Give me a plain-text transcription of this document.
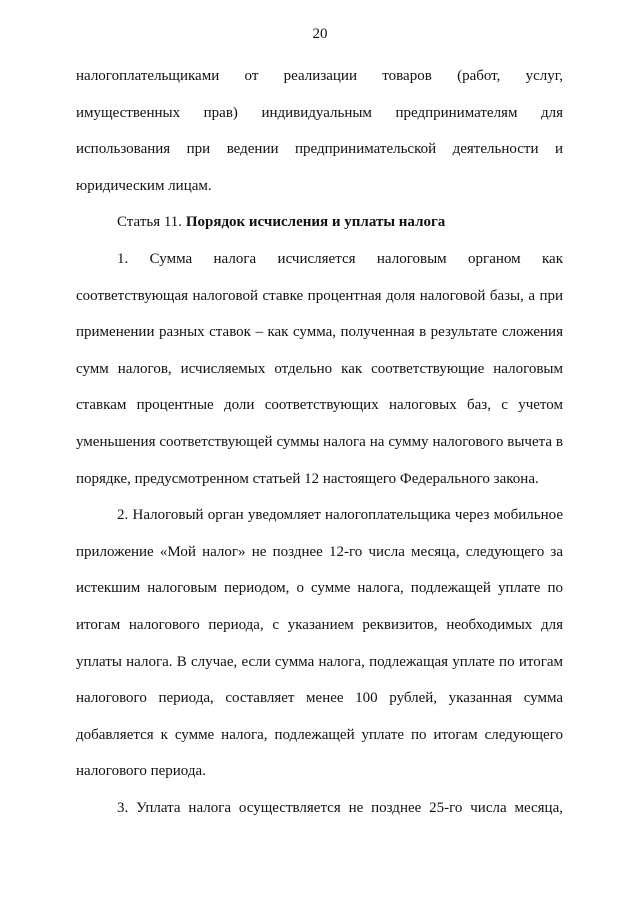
20

налогоплательщиками от реализации товаров (работ, услуг, имущественных прав) индивидуальным предпринимателям для использования при ведении предпринимательской деятельности и юридическим лицам.

Статья 11. Порядок исчисления и уплаты налога

1. Сумма налога исчисляется налоговым органом как соответствующая налоговой ставке процентная доля налоговой базы, а при применении разных ставок – как сумма, полученная в результате сложения сумм налогов, исчисляемых отдельно как соответствующие налоговым ставкам процентные доли соответствующих налоговых баз, с учетом уменьшения соответствующей суммы налога на сумму налогового вычета в порядке, предусмотренном статьей 12 настоящего Федерального закона.

2. Налоговый орган уведомляет налогоплательщика через мобильное приложение «Мой налог» не позднее 12-го числа месяца, следующего за истекшим налоговым периодом, о сумме налога, подлежащей уплате по итогам налогового периода, с указанием реквизитов, необходимых для уплаты налога. В случае, если сумма налога, подлежащая уплате по итогам налогового периода, составляет менее 100 рублей, указанная сумма добавляется к сумме налога, подлежащей уплате по итогам следующего налогового периода.

3. Уплата налога осуществляется не позднее 25-го числа месяца,
